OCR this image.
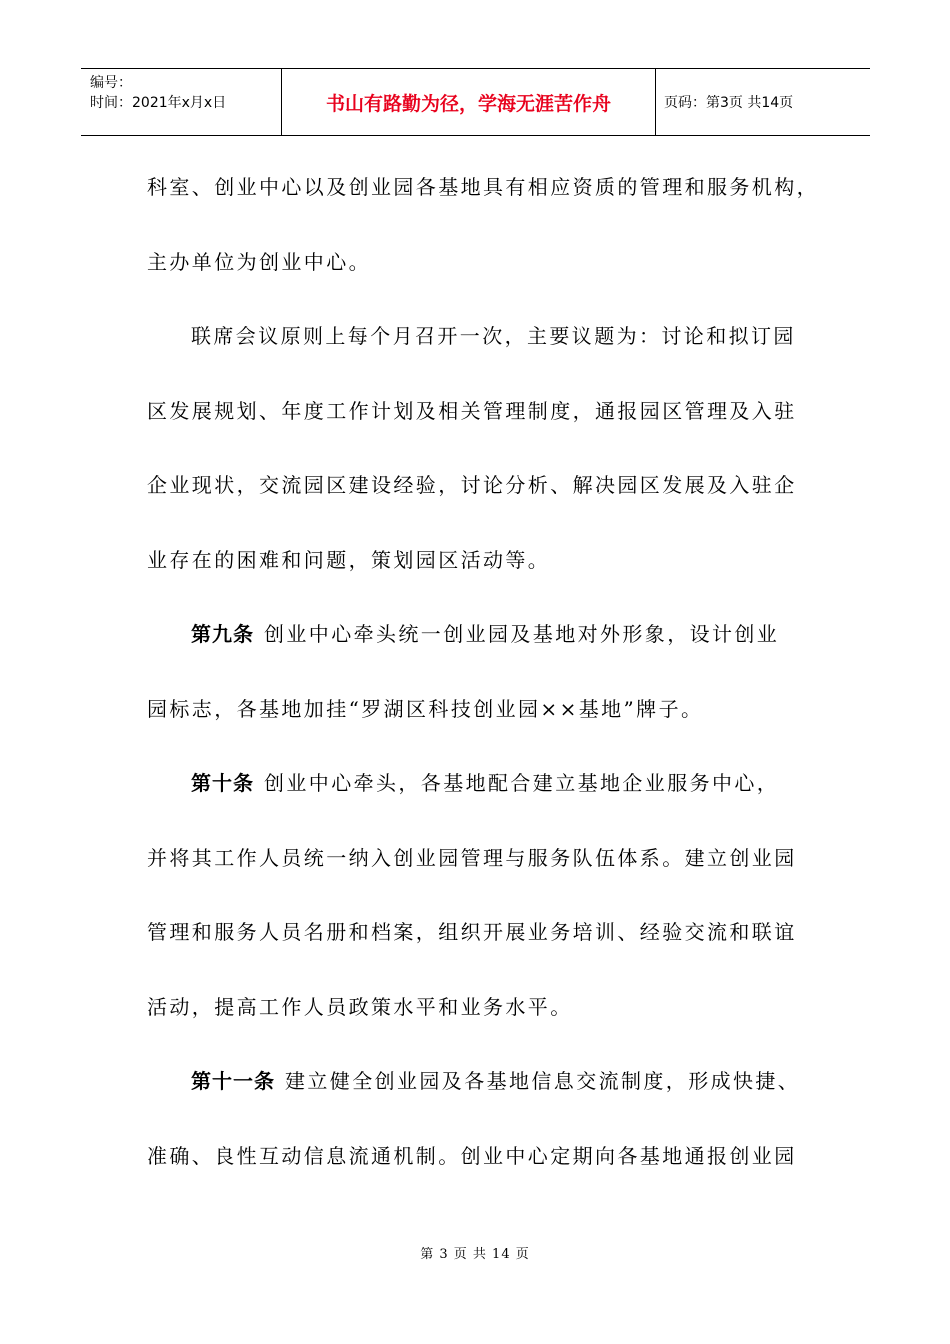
编号：
时间：2021年x月x日	书山有路勤为径，学海无涯苦作舟	页码：第3页 共14页
科室、创业中心以及创业园各基地具有相应资质的管理和服务机构，
主办单位为创业中心。
联席会议原则上每个月召开一次，主要议题为：讨论和拟订园
区发展规划、年度工作计划及相关管理制度，通报园区管理及入驻
企业现状，交流园区建设经验，讨论分析、解决园区发展及入驻企
业存在的困难和问题，策划园区活动等。
第九条 创业中心牵头统一创业园及基地对外形象，设计创业
园标志，各基地加挂“罗湖区科技创业园××基地”牌子。
第十条 创业中心牵头，各基地配合建立基地企业服务中心，
并将其工作人员统一纳入创业园管理与服务队伍体系。建立创业园
管理和服务人员名册和档案，组织开展业务培训、经验交流和联谊
活动，提高工作人员政策水平和业务水平。
第十一条 建立健全创业园及各基地信息交流制度，形成快捷、
准确、良性互动信息流通机制。创业中心定期向各基地通报创业园
第 3 页 共 14 页
